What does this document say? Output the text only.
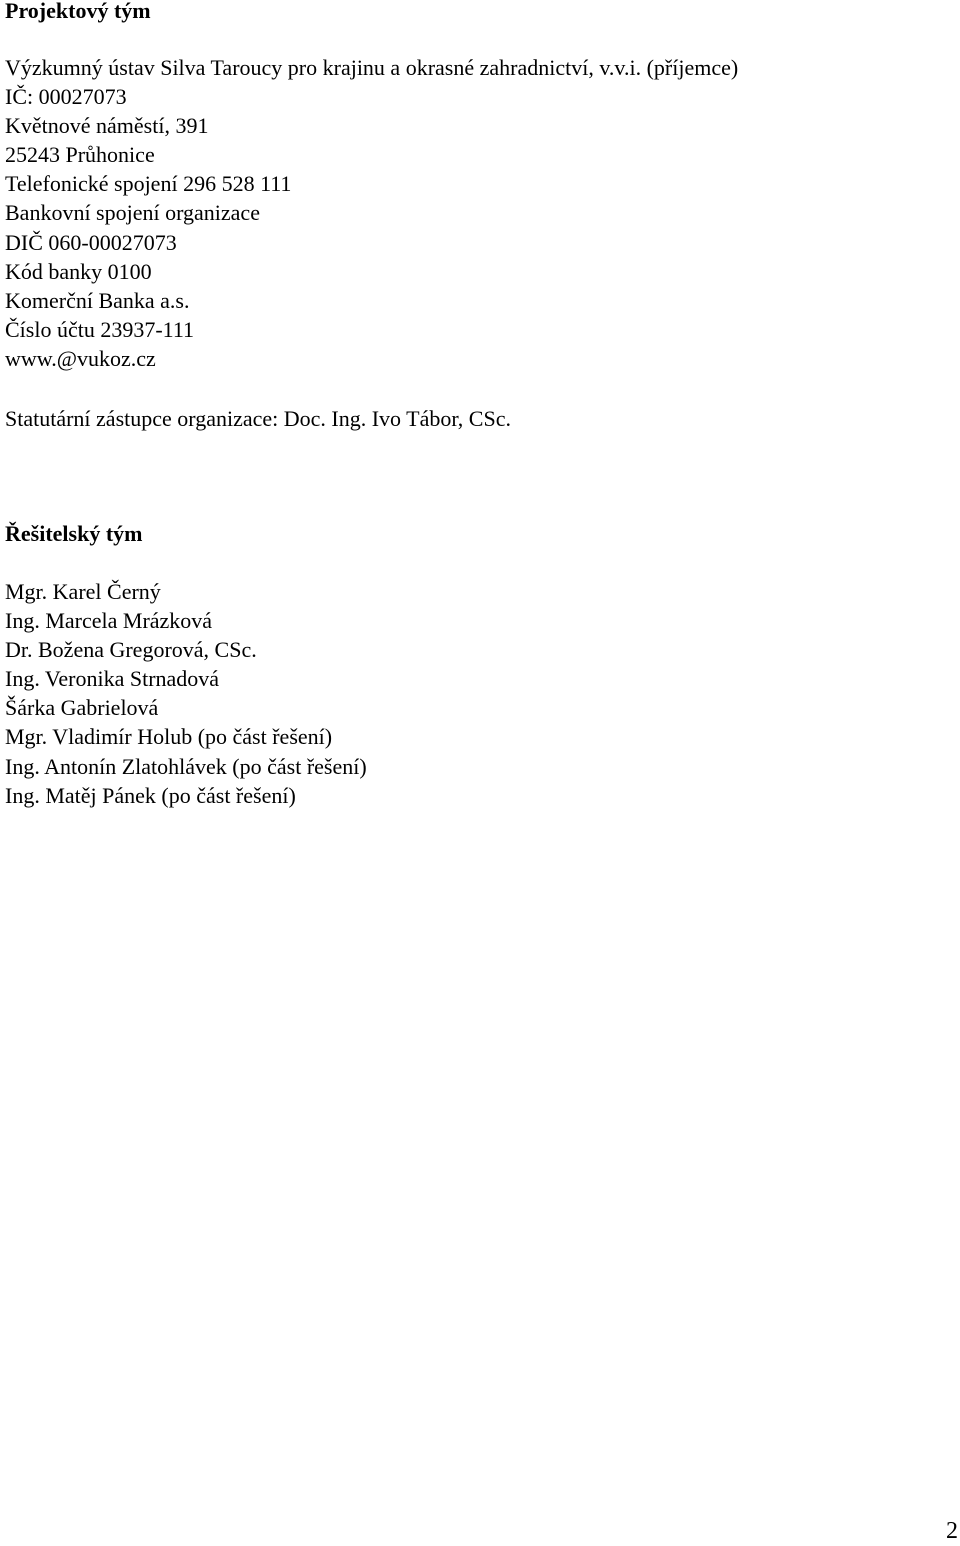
Projektový tým
Výzkumný ústav Silva Taroucy pro krajinu a okrasné zahradnictví, v.v.i. (příjemce)
IČ: 00027073
Květnové náměstí, 391
25243 Průhonice
Telefonické spojení 296 528 111
Bankovní spojení organizace
DIČ 060-00027073
Kód banky 0100
Komerční Banka a.s.
Číslo účtu 23937-111
www.@vukoz.cz
Statutární zástupce organizace: Doc. Ing. Ivo Tábor, CSc.
Řešitelský tým
Mgr. Karel Černý
Ing. Marcela Mrázková
Dr. Božena Gregorová, CSc.
Ing. Veronika Strnadová
Šárka Gabrielová
Mgr. Vladimír Holub (po část řešení)
Ing. Antonín Zlatohlávek (po část řešení)
Ing. Matěj Pánek (po část řešení)
2
